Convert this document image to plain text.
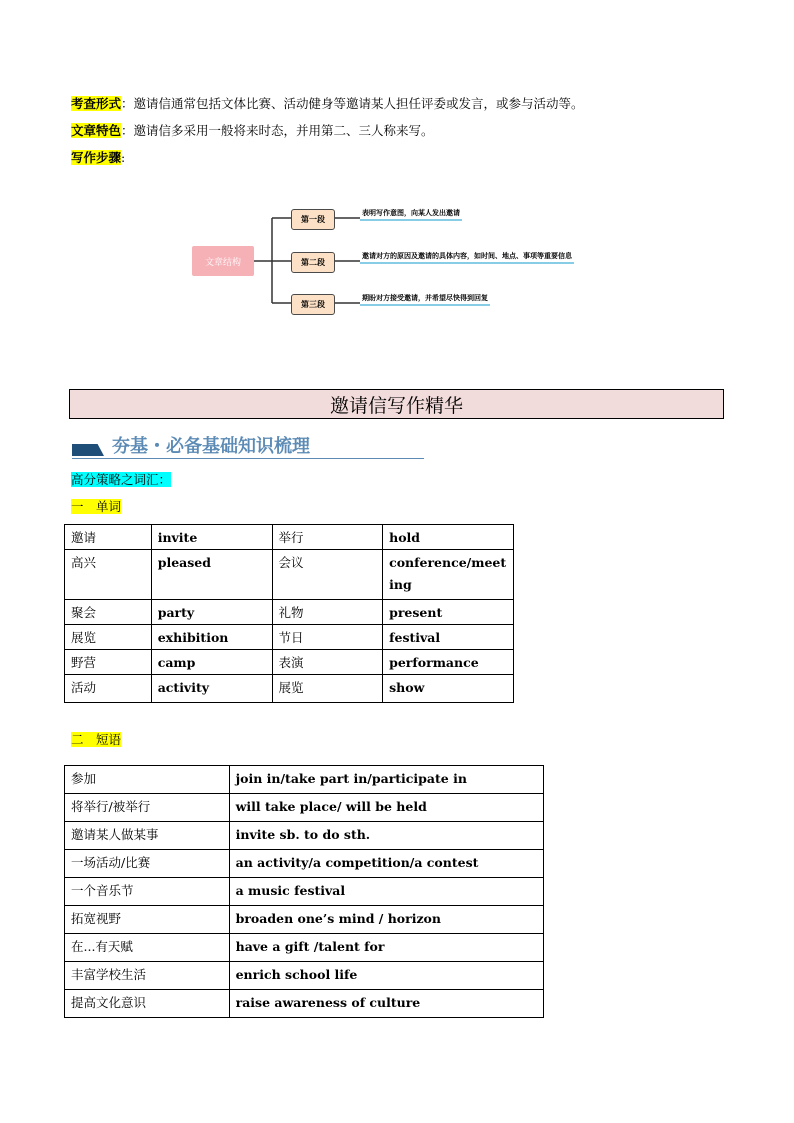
考查形式：邀请信通常包括文体比赛、活动健身等邀请某人担任评委或发言，或参与活动等。
文章特色：邀请信多采用一般将来时态，并用第二、三人称来写。
写作步骤:
文章结构
第一段
第二段
第三段
表明写作意图，向某人发出邀请
邀请对方的原因及邀请的具体内容，如时间、地点、事项等重要信息
期盼对方接受邀请，并希望尽快得到回复
邀请信写作精华
夯基・必备基础知识梳理
高分策略之词汇：
一　单词
邀请	invite	举行	hold
高兴	pleased	会议	conference/meeting
聚会	party	礼物	present
展览	exhibition	节日	festival
野营	camp	表演	performance
活动	activity	展览	show
二　短语
参加	join in/take part in/participate in
将举行/被举行	will take place/ will be held
邀请某人做某事	invite sb. to do sth.
一场活动/比赛	an activity/a competition/a contest
一个音乐节	a music festival
拓宽视野	broaden one’s mind / horizon
在...有天赋	have a gift /talent for
丰富学校生活	enrich school life
提高文化意识	raise awareness of culture
